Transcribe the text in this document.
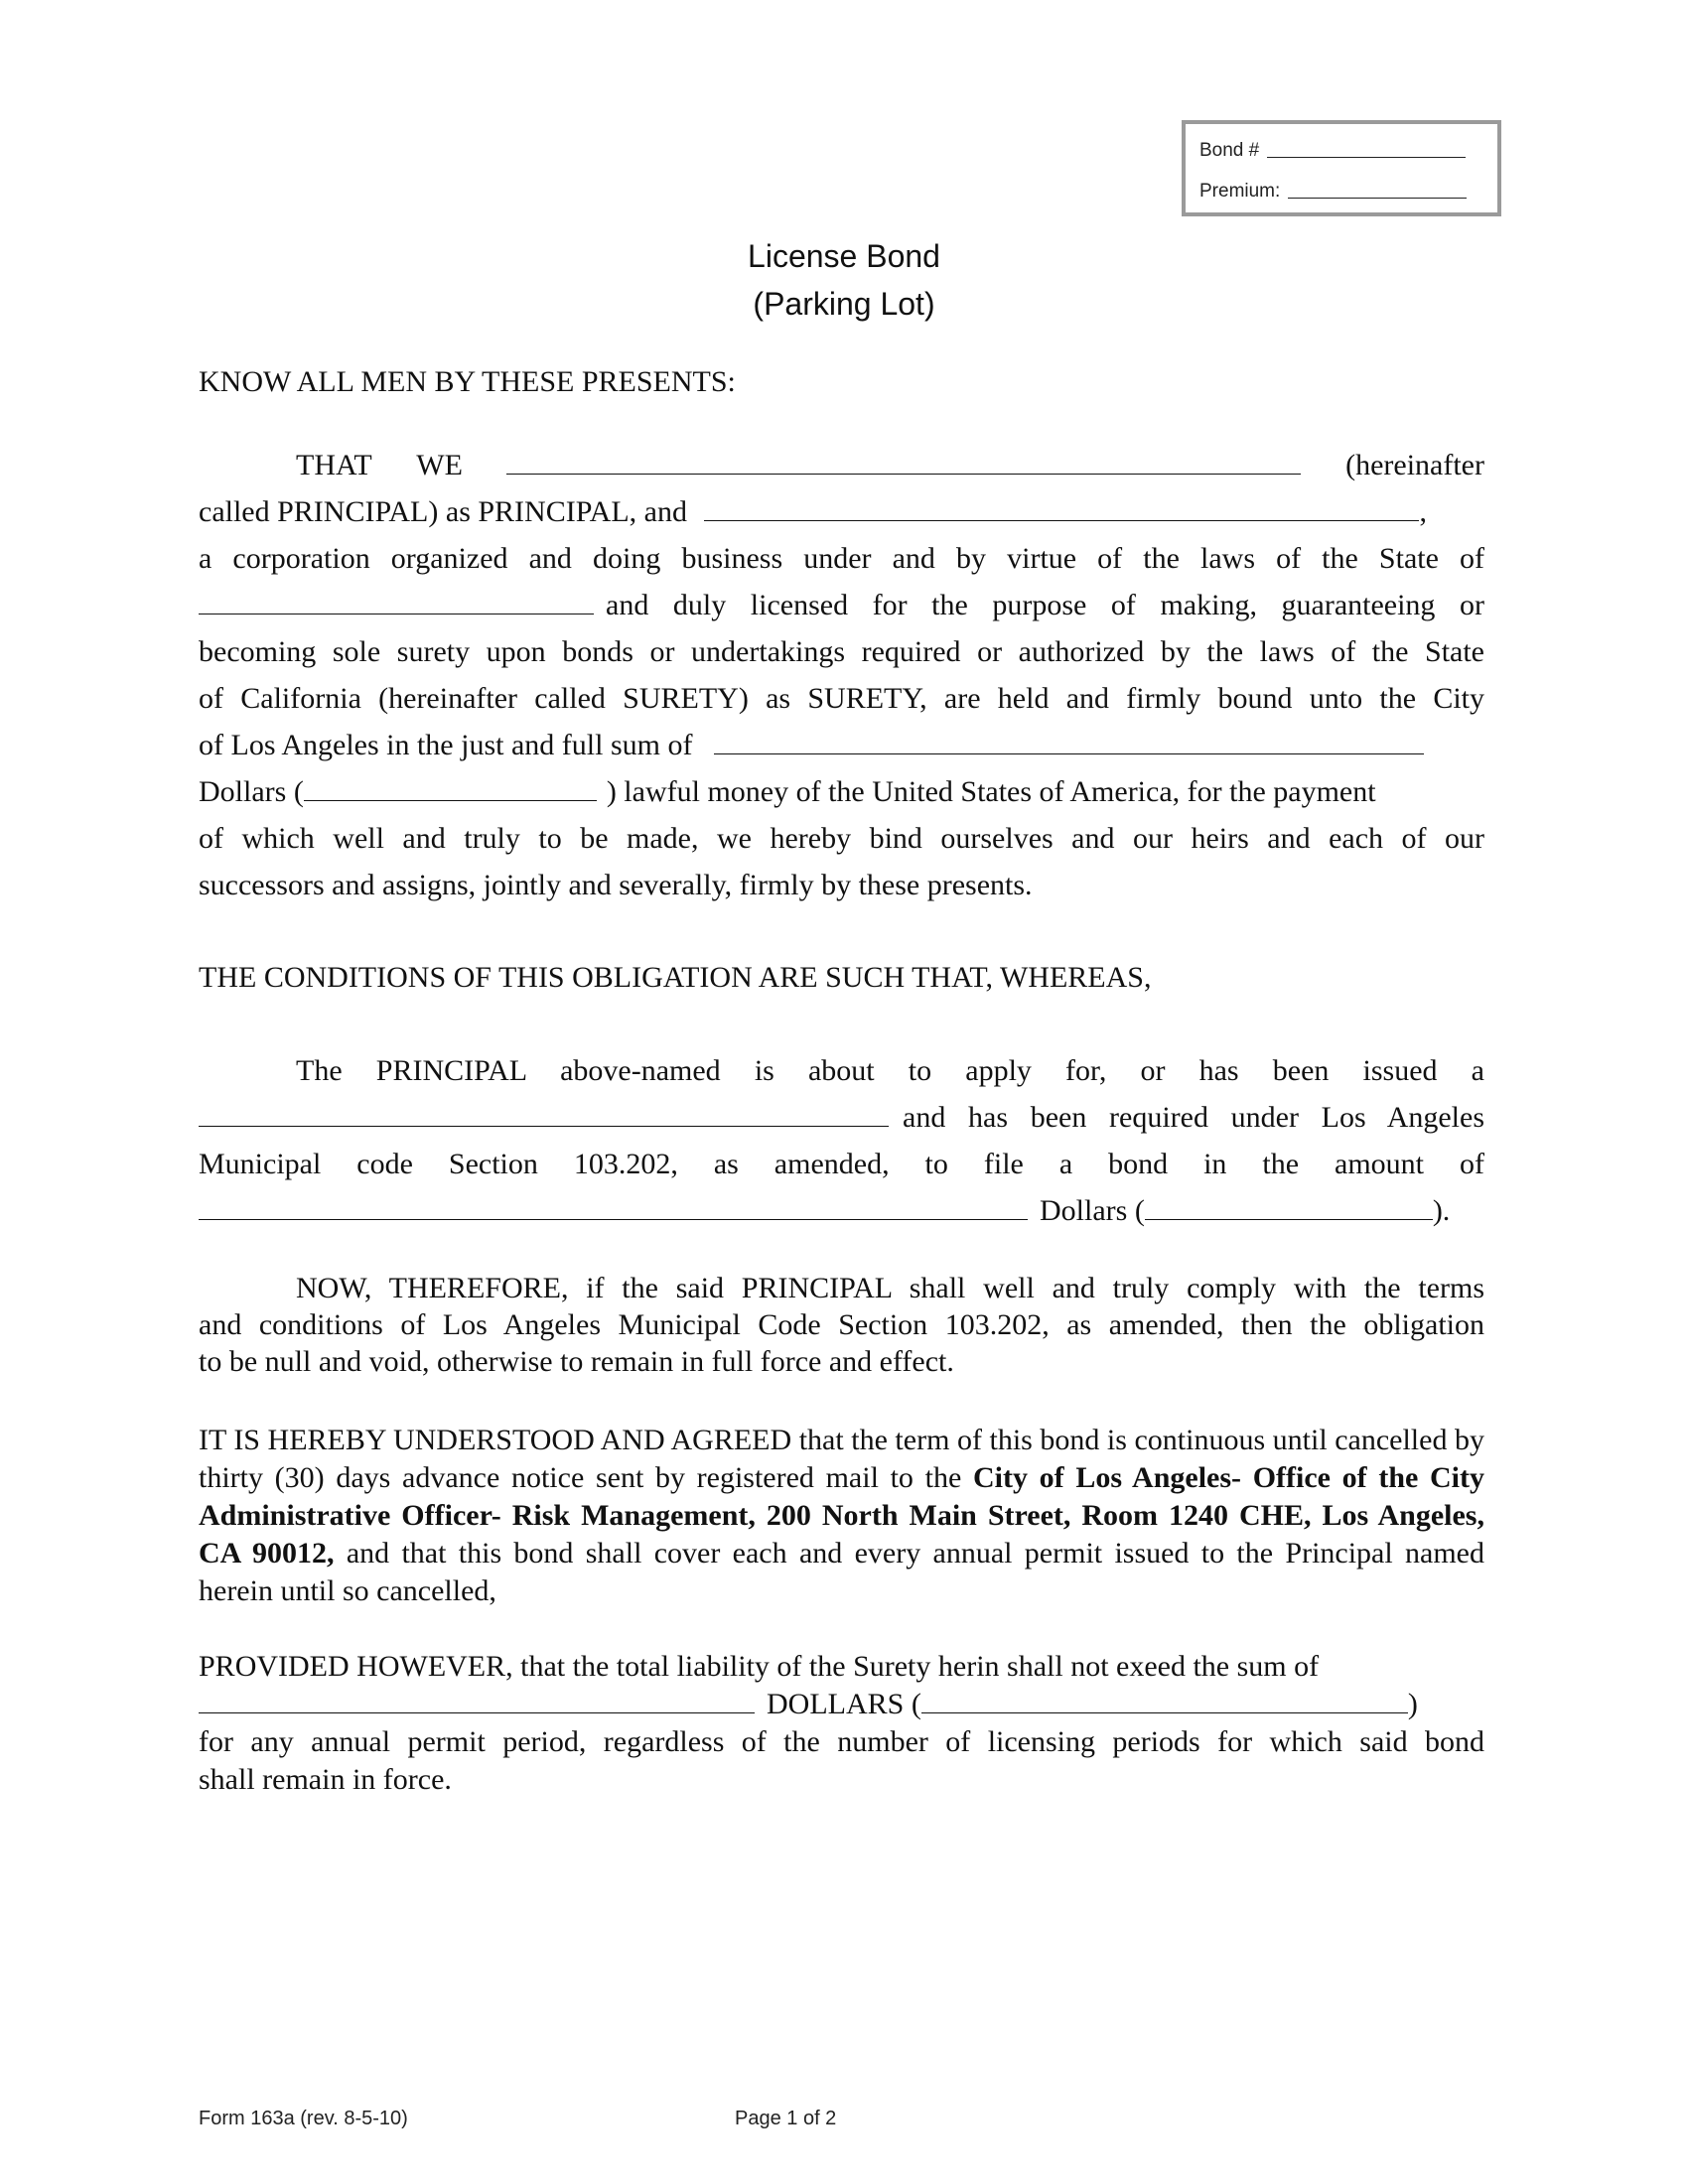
Bond #
Premium:
License Bond
(Parking Lot)
KNOW ALL MEN BY THESE PRESENTS:
THAT WE	(hereinafter
called PRINCIPAL) as PRINCIPAL, and	,
a corporation organized and doing business under and by virtue of the laws of the State of
and duly licensed for the purpose of making, guaranteeing or
becoming sole surety upon bonds or undertakings required or authorized by the laws of the State
of California (hereinafter called SURETY) as SURETY, are held and firmly bound unto the City
of Los Angeles in the just and full sum of
Dollars (	) lawful money of the United States of America, for the payment
of which well and truly to be made, we hereby bind ourselves and our heirs and each of our
successors and assigns, jointly and severally, firmly by these presents.
THE CONDITIONS OF THIS OBLIGATION ARE SUCH THAT, WHEREAS,
The PRINCIPAL above-named is about to apply for, or has been issued a
and has been required under Los Angeles
Municipal code Section 103.202, as amended, to file a bond in the amount of
Dollars (	).
NOW, THEREFORE, if the said PRINCIPAL shall well and truly comply with the terms
and conditions of Los Angeles Municipal Code Section 103.202, as amended, then the obligation
to be null and void, otherwise to remain in full force and effect.
IT IS HEREBY UNDERSTOOD AND AGREED that the term of this bond is continuous until cancelled by thirty (30) days advance notice sent by registered mail to the City of Los Angeles- Office of the City Administrative Officer- Risk Management, 200 North Main Street, Room 1240 CHE, Los Angeles, CA 90012, and that this bond shall cover each and every annual permit issued to the Principal named herein until so cancelled,
PROVIDED HOWEVER, that the total liability of the Surety herin shall not exeed the sum of
DOLLARS (	)
for any annual permit period, regardless of the number of licensing periods for which said bond
shall remain in force.
Form 163a (rev. 8-5-10)	Page 1 of 2
